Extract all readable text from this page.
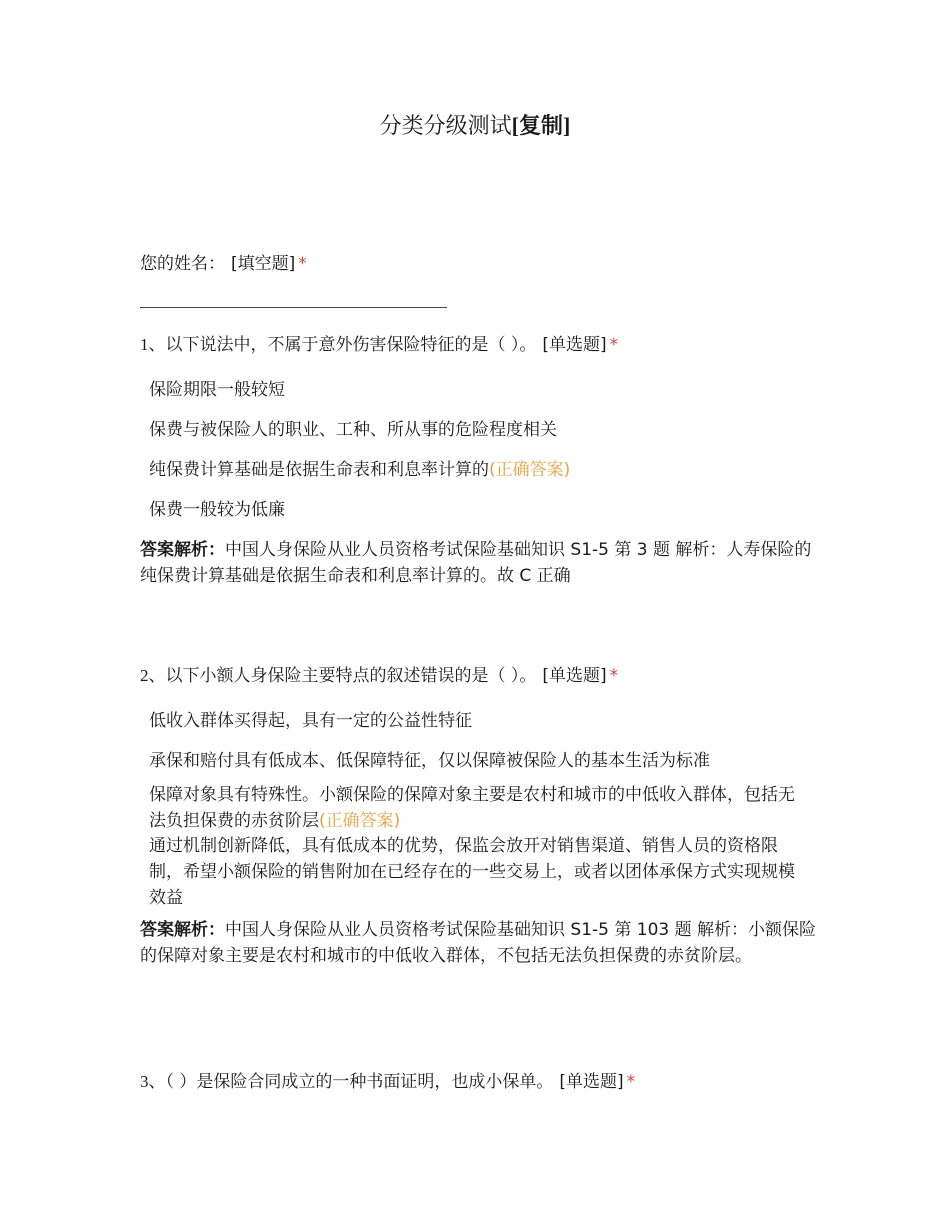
分类分级测试[复制]
您的姓名： [填空题] *
1、以下说法中，不属于意外伤害保险特征的是（ ）。 [单选题] *
保险期限一般较短
保费与被保险人的职业、工种、所从事的危险程度相关
纯保费计算基础是依据生命表和利息率计算的(正确答案)
保费一般较为低廉
答案解析：中国人身保险从业人员资格考试保险基础知识 S1-5 第 3 题 解析：人寿保险的纯保费计算基础是依据生命表和利息率计算的。故 C 正确
2、以下小额人身保险主要特点的叙述错误的是（ ）。 [单选题] *
低收入群体买得起，具有一定的公益性特征
承保和赔付具有低成本、低保障特征，仅以保障被保险人的基本生活为标准
保障对象具有特殊性。小额保险的保障对象主要是农村和城市的中低收入群体，包括无法负担保费的赤贫阶层(正确答案)
通过机制创新降低，具有低成本的优势，保监会放开对销售渠道、销售人员的资格限制，希望小额保险的销售附加在已经存在的一些交易上，或者以团体承保方式实现规模效益
答案解析：中国人身保险从业人员资格考试保险基础知识 S1-5 第 103 题 解析：小额保险的保障对象主要是农村和城市的中低收入群体，不包括无法负担保费的赤贫阶层。
3、（ ）是保险合同成立的一种书面证明，也成小保单。 [单选题] *
